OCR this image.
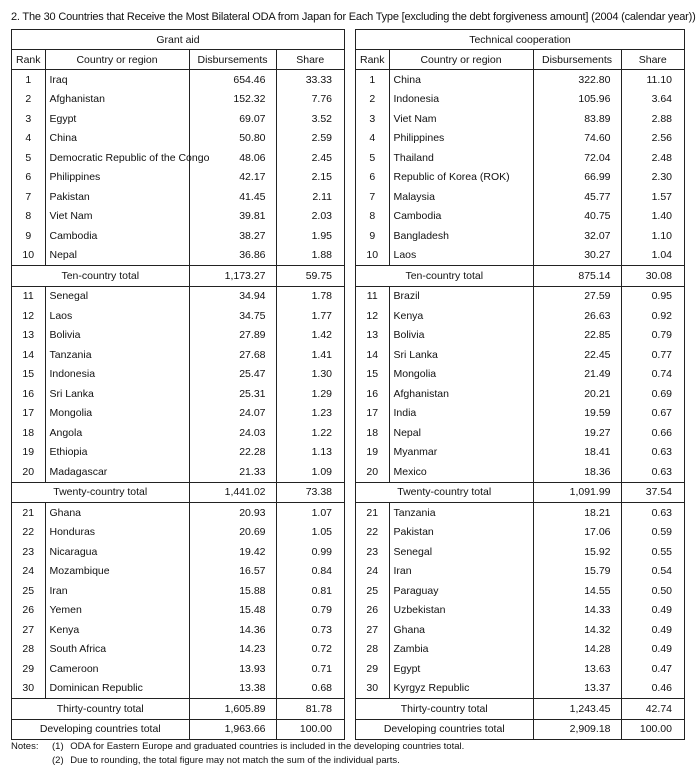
2. The 30 Countries that Receive the Most Bilateral ODA from Japan for Each Type [excluding the debt forgiveness amount] (2004 (calendar year))
Grant aid			
Rank	Country or region	Disbursements	Share
1	Iraq	654.46	33.33
2	Afghanistan	152.32	7.76
3	Egypt	69.07	3.52
4	China	50.80	2.59
5	Democratic Republic of the Congo	48.06	2.45
6	Philippines	42.17	2.15
7	Pakistan	41.45	2.11
8	Viet Nam	39.81	2.03
9	Cambodia	38.27	1.95
10	Nepal	36.86	1.88
Ten-country total		1,173.27	59.75
11	Senegal	34.94	1.78
12	Laos	34.75	1.77
13	Bolivia	27.89	1.42
14	Tanzania	27.68	1.41
15	Indonesia	25.47	1.30
16	Sri Lanka	25.31	1.29
17	Mongolia	24.07	1.23
18	Angola	24.03	1.22
19	Ethiopia	22.28	1.13
20	Madagascar	21.33	1.09
Twenty-country total		1,441.02	73.38
21	Ghana	20.93	1.07
22	Honduras	20.69	1.05
23	Nicaragua	19.42	0.99
24	Mozambique	16.57	0.84
25	Iran	15.88	0.81
26	Yemen	15.48	0.79
27	Kenya	14.36	0.73
28	South Africa	14.23	0.72
29	Cameroon	13.93	0.71
30	Dominican Republic	13.38	0.68
Thirty-country total		1,605.89	81.78
Developing countries total		1,963.66	100.00
Technical cooperation			
Rank	Country or region	Disbursements	Share
1	China	322.80	11.10
2	Indonesia	105.96	3.64
3	Viet Nam	83.89	2.88
4	Philippines	74.60	2.56
5	Thailand	72.04	2.48
6	Republic of Korea (ROK)	66.99	2.30
7	Malaysia	45.77	1.57
8	Cambodia	40.75	1.40
9	Bangladesh	32.07	1.10
10	Laos	30.27	1.04
Ten-country total		875.14	30.08
11	Brazil	27.59	0.95
12	Kenya	26.63	0.92
13	Bolivia	22.85	0.79
14	Sri Lanka	22.45	0.77
15	Mongolia	21.49	0.74
16	Afghanistan	20.21	0.69
17	India	19.59	0.67
18	Nepal	19.27	0.66
19	Myanmar	18.41	0.63
20	Mexico	18.36	0.63
Twenty-country total		1,091.99	37.54
21	Tanzania	18.21	0.63
22	Pakistan	17.06	0.59
23	Senegal	15.92	0.55
24	Iran	15.79	0.54
25	Paraguay	14.55	0.50
26	Uzbekistan	14.33	0.49
27	Ghana	14.32	0.49
28	Zambia	14.28	0.49
29	Egypt	13.63	0.47
30	Kyrgyz Republic	13.37	0.46
Thirty-country total		1,243.45	42.74
Developing countries total		2,909.18	100.00
Notes: (1) ODA for Eastern Europe and graduated countries is included in the developing countries total.
(2) Due to rounding, the total figure may not match the sum of the individual parts.
